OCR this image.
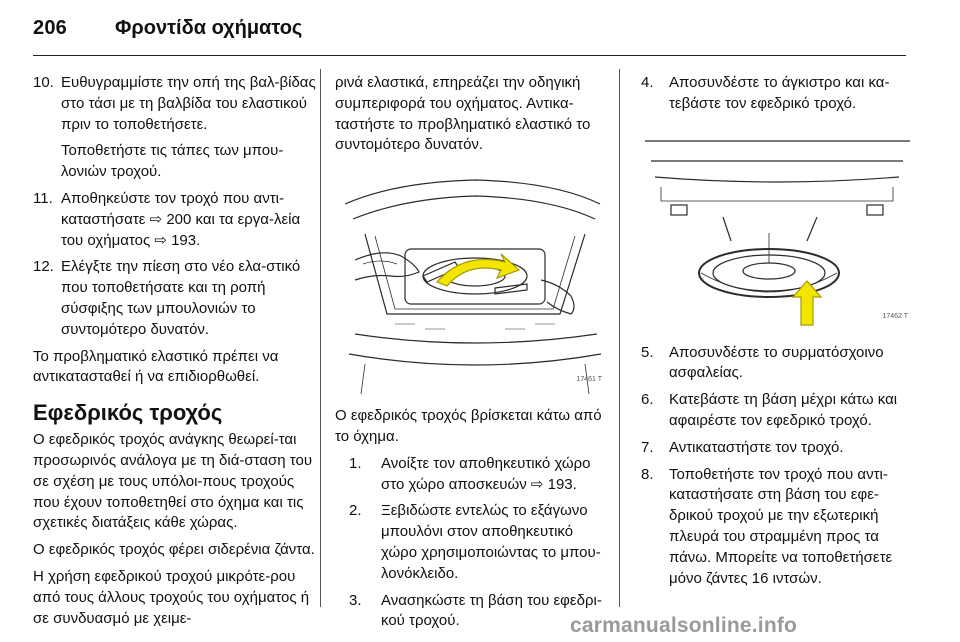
206 Φροντίδα οχήματος
10. Ευθυγραμμίστε την οπή της βαλ-βίδας στο τάσι με τη βαλβίδα του ελαστικού πριν το τοποθετήσετε.
Τοποθετήστε τις τάπες των μπου-λονιών τροχού.
11. Αποθηκεύστε τον τροχό που αντι-καταστήσατε ⇨ 200 και τα εργα-λεία του οχήματος ⇨ 193.
12. Ελέγξτε την πίεση στο νέο ελα-στικό που τοποθετήσατε και τη ροπή σύσφιξης των μπουλονιών το συντομότερο δυνατόν.
Το προβληματικό ελαστικό πρέπει να αντικατασταθεί ή να επιδιορθωθεί.
Εφεδρικός τροχός
Ο εφεδρικός τροχός ανάγκης θεωρεί-ται προσωρινός ανάλογα με τη διά-σταση του σε σχέση με τους υπόλοι-πους τροχούς που έχουν τοποθετηθεί στο όχημα και τις σχετικές διατάξεις κάθε χώρας.
Ο εφεδρικός τροχός φέρει σιδερένια ζάντα.
Η χρήση εφεδρικού τροχού μικρότε-ρου από τους άλλους τροχούς του οχήματος ή σε συνδυασμό με χειμε-
ρινά ελαστικά, επηρεάζει την οδηγική συμπεριφορά του οχήματος. Αντικα-ταστήστε το προβληματικό ελαστικό το συντομότερο δυνατόν.
17461 T
Ο εφεδρικός τροχός βρίσκεται κάτω από το όχημα.
1. Ανοίξτε τον αποθηκευτικό χώρο στο χώρο αποσκευών ⇨ 193.
2. Ξεβιδώστε εντελώς το εξάγωνο μπουλόνι στον αποθηκευτικό χώρο χρησιμοποιώντας το μπου-λονόκλειδο.
3. Ανασηκώστε τη βάση του εφεδρι-κού τροχού.
4. Αποσυνδέστε το άγκιστρο και κα-τεβάστε τον εφεδρικό τροχό.
17462 T
5. Αποσυνδέστε το συρματόσχοινο ασφαλείας.
6. Κατεβάστε τη βάση μέχρι κάτω και αφαιρέστε τον εφεδρικό τροχό.
7. Αντικαταστήστε τον τροχό.
8. Τοποθετήστε τον τροχό που αντι-καταστήσατε στη βάση του εφε-δρικού τροχού με την εξωτερική πλευρά του στραμμένη προς τα πάνω. Μπορείτε να τοποθετήσετε μόνο ζάντες 16 ιντσών.
carmanualsonline.info
